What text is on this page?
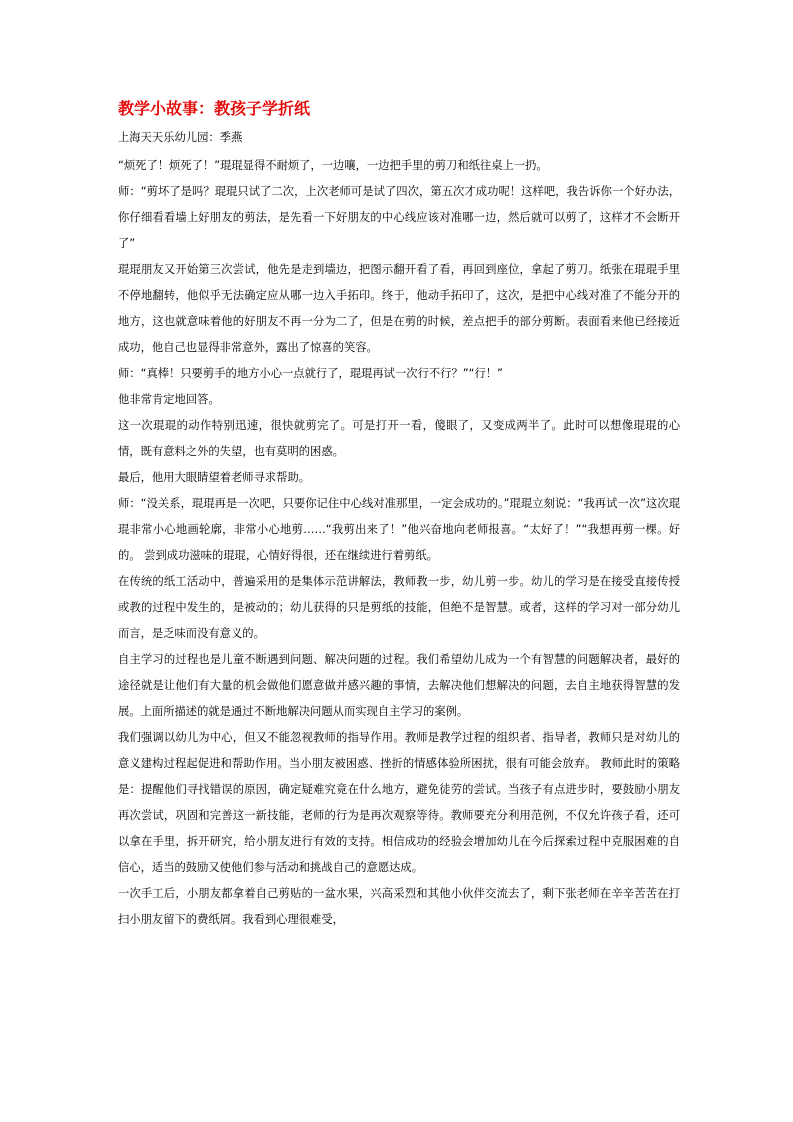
教学小故事：教孩子学折纸
上海天天乐幼儿园：季燕
“烦死了！烦死了！”琨琨显得不耐烦了，一边嚷，一边把手里的剪刀和纸往桌上一扔。
师：“剪坏了是吗？琨琨只试了二次，上次老师可是试了四次，第五次才成功呢！这样吧，我告诉你一个好办法，你仔细看看墙上好朋友的剪法，是先看一下好朋友的中心线应该对准哪一边，然后就可以剪了，这样才不会断开了”
琨琨朋友又开始第三次尝试，他先是走到墙边，把图示翻开看了看，再回到座位，拿起了剪刀。纸张在琨琨手里不停地翻转，他似乎无法确定应从哪一边入手拓印。终于，他动手拓印了，这次，是把中心线对准了不能分开的地方，这也就意味着他的好朋友不再一分为二了，但是在剪的时候，差点把手的部分剪断。表面看来他已经接近成功，他自己也显得非常意外，露出了惊喜的笑容。
师：“真棒！只要剪手的地方小心一点就行了，琨琨再试一次行不行？”“行！”
他非常肯定地回答。
这一次琨琨的动作特别迅速，很快就剪完了。可是打开一看，傻眼了，又变成两半了。此时可以想像琨琨的心情，既有意料之外的失望，也有莫明的困惑。
最后，他用大眼睛望着老师寻求帮助。
师：“没关系，琨琨再是一次吧，只要你记住中心线对准那里，一定会成功的。”琨琨立刻说：“我再试一次”这次琨琨非常小心地画轮廓，非常小心地剪……“我剪出来了！”他兴奋地向老师报喜。“太好了！”“我想再剪一棵。好的。 尝到成功滋味的琨琨，心情好得很，还在继续进行着剪纸。
在传统的纸工活动中，普遍采用的是集体示范讲解法，教师教一步，幼儿剪一步。幼儿的学习是在接受直接传授或教的过程中发生的，是被动的；幼儿获得的只是剪纸的技能，但绝不是智慧。或者，这样的学习对一部分幼儿而言，是乏味而没有意义的。
自主学习的过程也是儿童不断遇到问题、解决问题的过程。我们希望幼儿成为一个有智慧的问题解决者，最好的途径就是让他们有大量的机会做他们愿意做并感兴趣的事情，去解决他们想解决的问题，去自主地获得智慧的发展。上面所描述的就是通过不断地解决问题从而实现自主学习的案例。
我们强调以幼儿为中心，但又不能忽视教师的指导作用。教师是教学过程的组织者、指导者，教师只是对幼儿的意义建构过程起促进和帮助作用。当小朋友被困惑、挫折的情感体验所困扰，很有可能会放弃。 教师此时的策略是：提醒他们寻找错误的原因，确定疑难究竟在什么地方，避免徒劳的尝试。当孩子有点进步时，要鼓励小朋友再次尝试，巩固和完善这一新技能，老师的行为是再次观察等待。教师要充分利用范例，不仅允许孩子看，还可以拿在手里，拆开研究，给小朋友进行有效的支持。相信成功的经验会增加幼儿在今后探索过程中克服困难的自信心，适当的鼓励又使他们参与活动和挑战自己的意愿达成。
一次手工后，小朋友都拿着自己剪贴的一盆水果，兴高采烈和其他小伙伴交流去了，剩下张老师在辛辛苦苦在打扫小朋友留下的费纸屑。我看到心理很难受，
